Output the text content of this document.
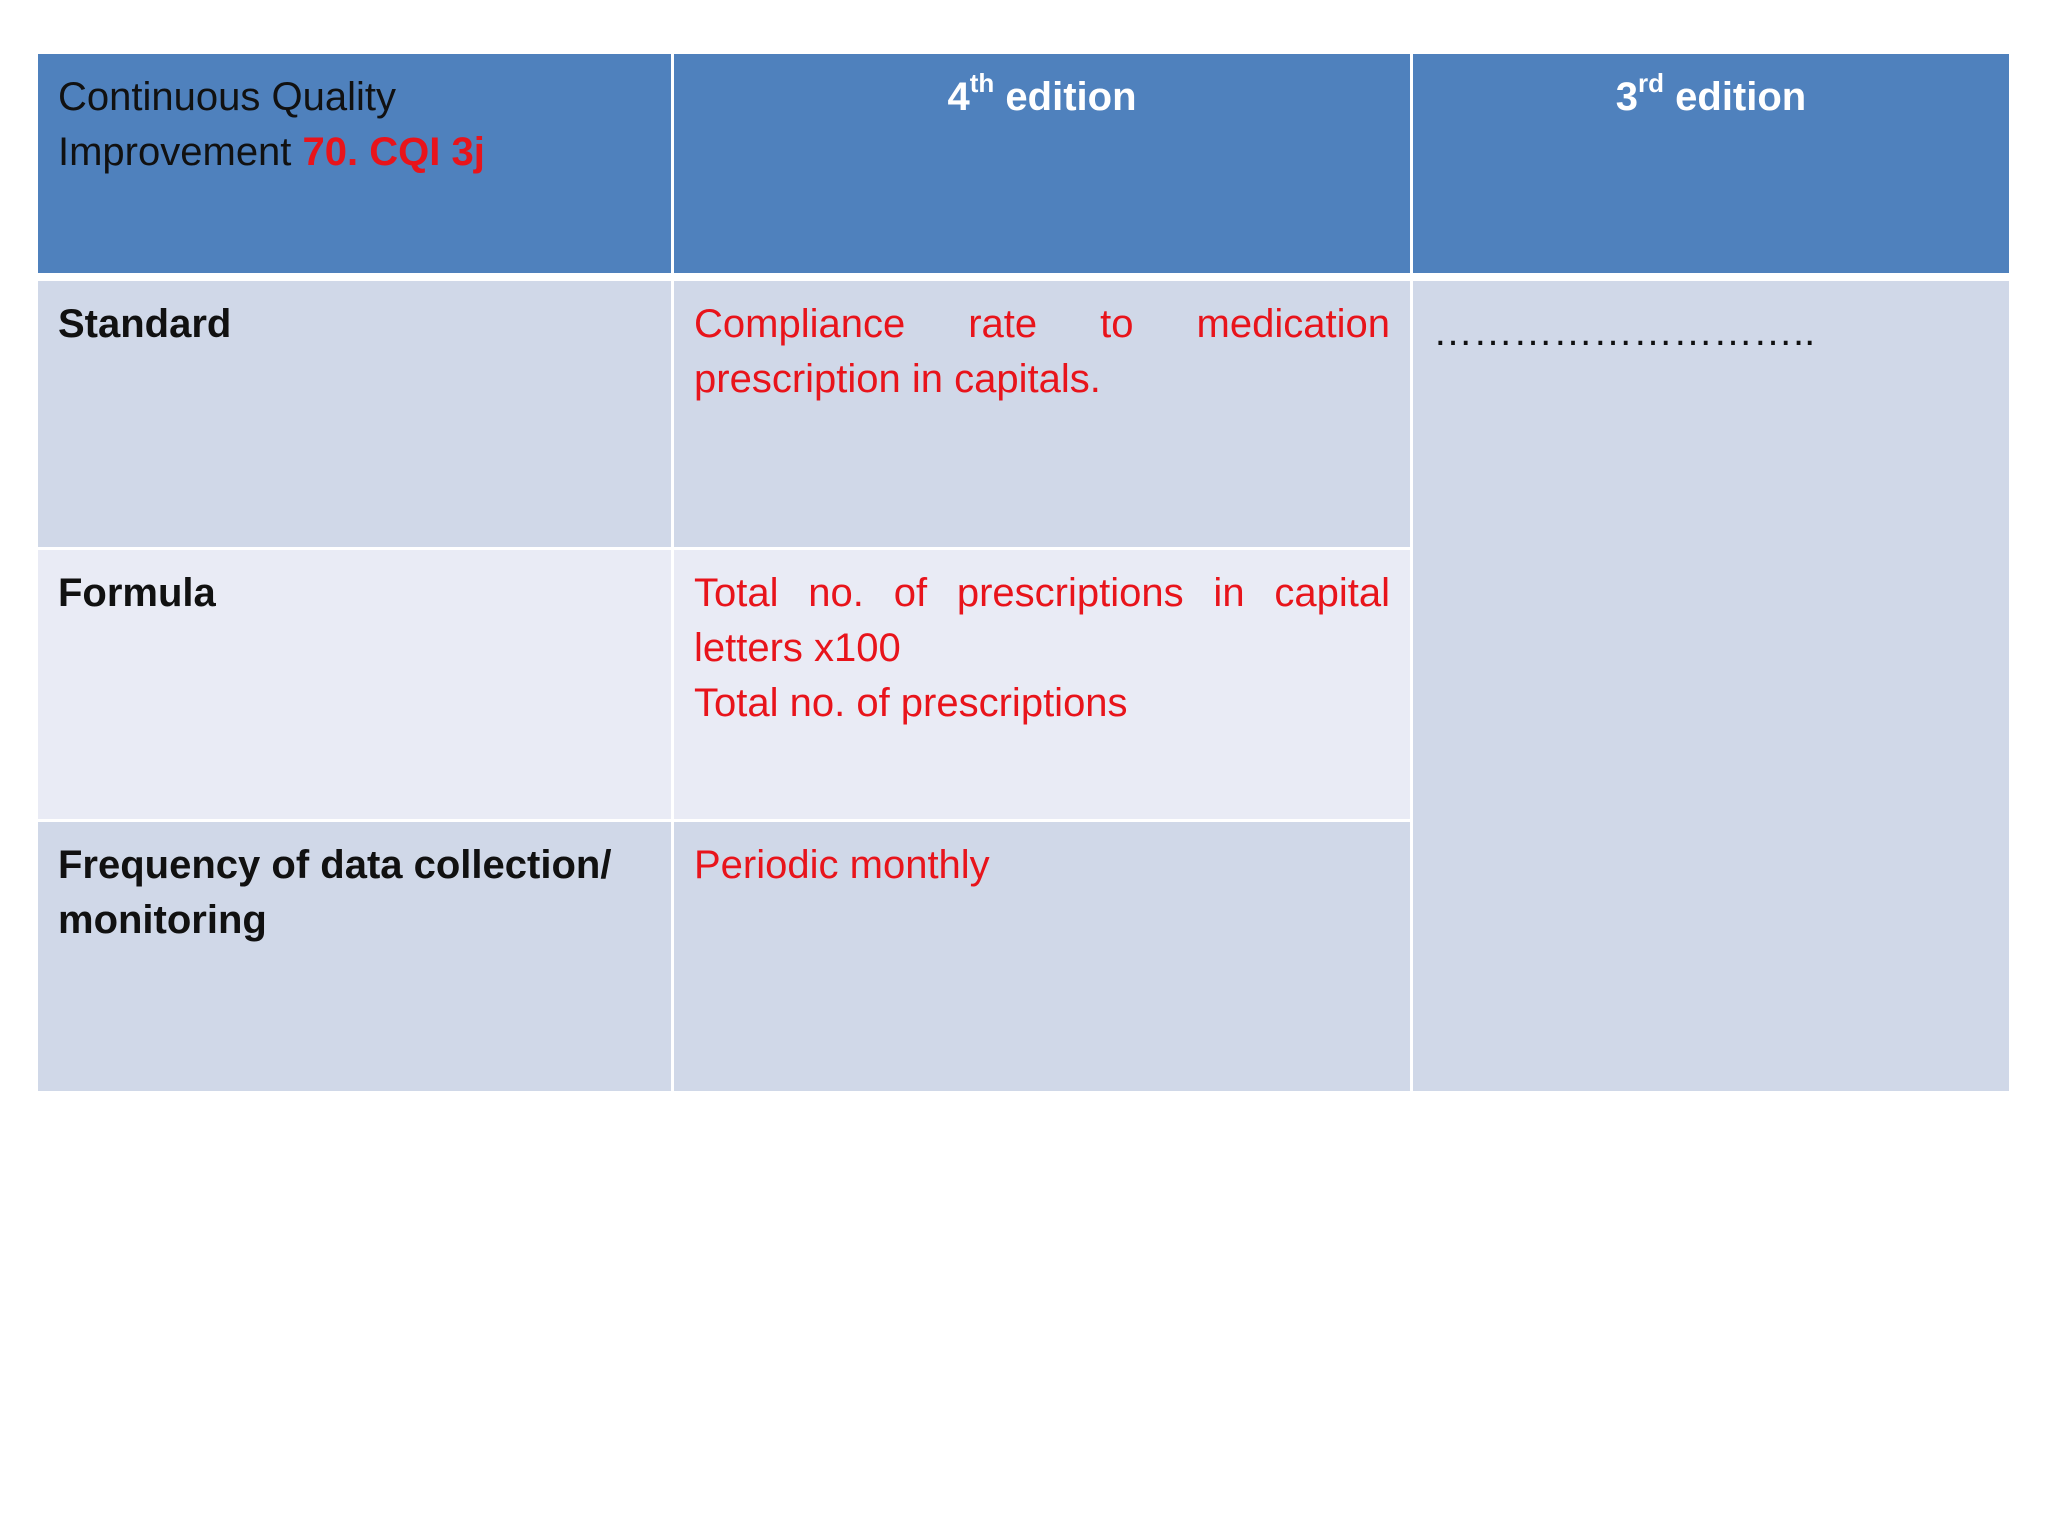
Continuous Quality
Improvement 70. CQI 3j	4th edition	3rd edition
Standard	Compliance rate to medication prescription in capitals.	………………………..
Formula	Total no. of prescriptions in capital letters x100
Total no. of prescriptions	

Frequency of data collection/ monitoring	Periodic monthly	
